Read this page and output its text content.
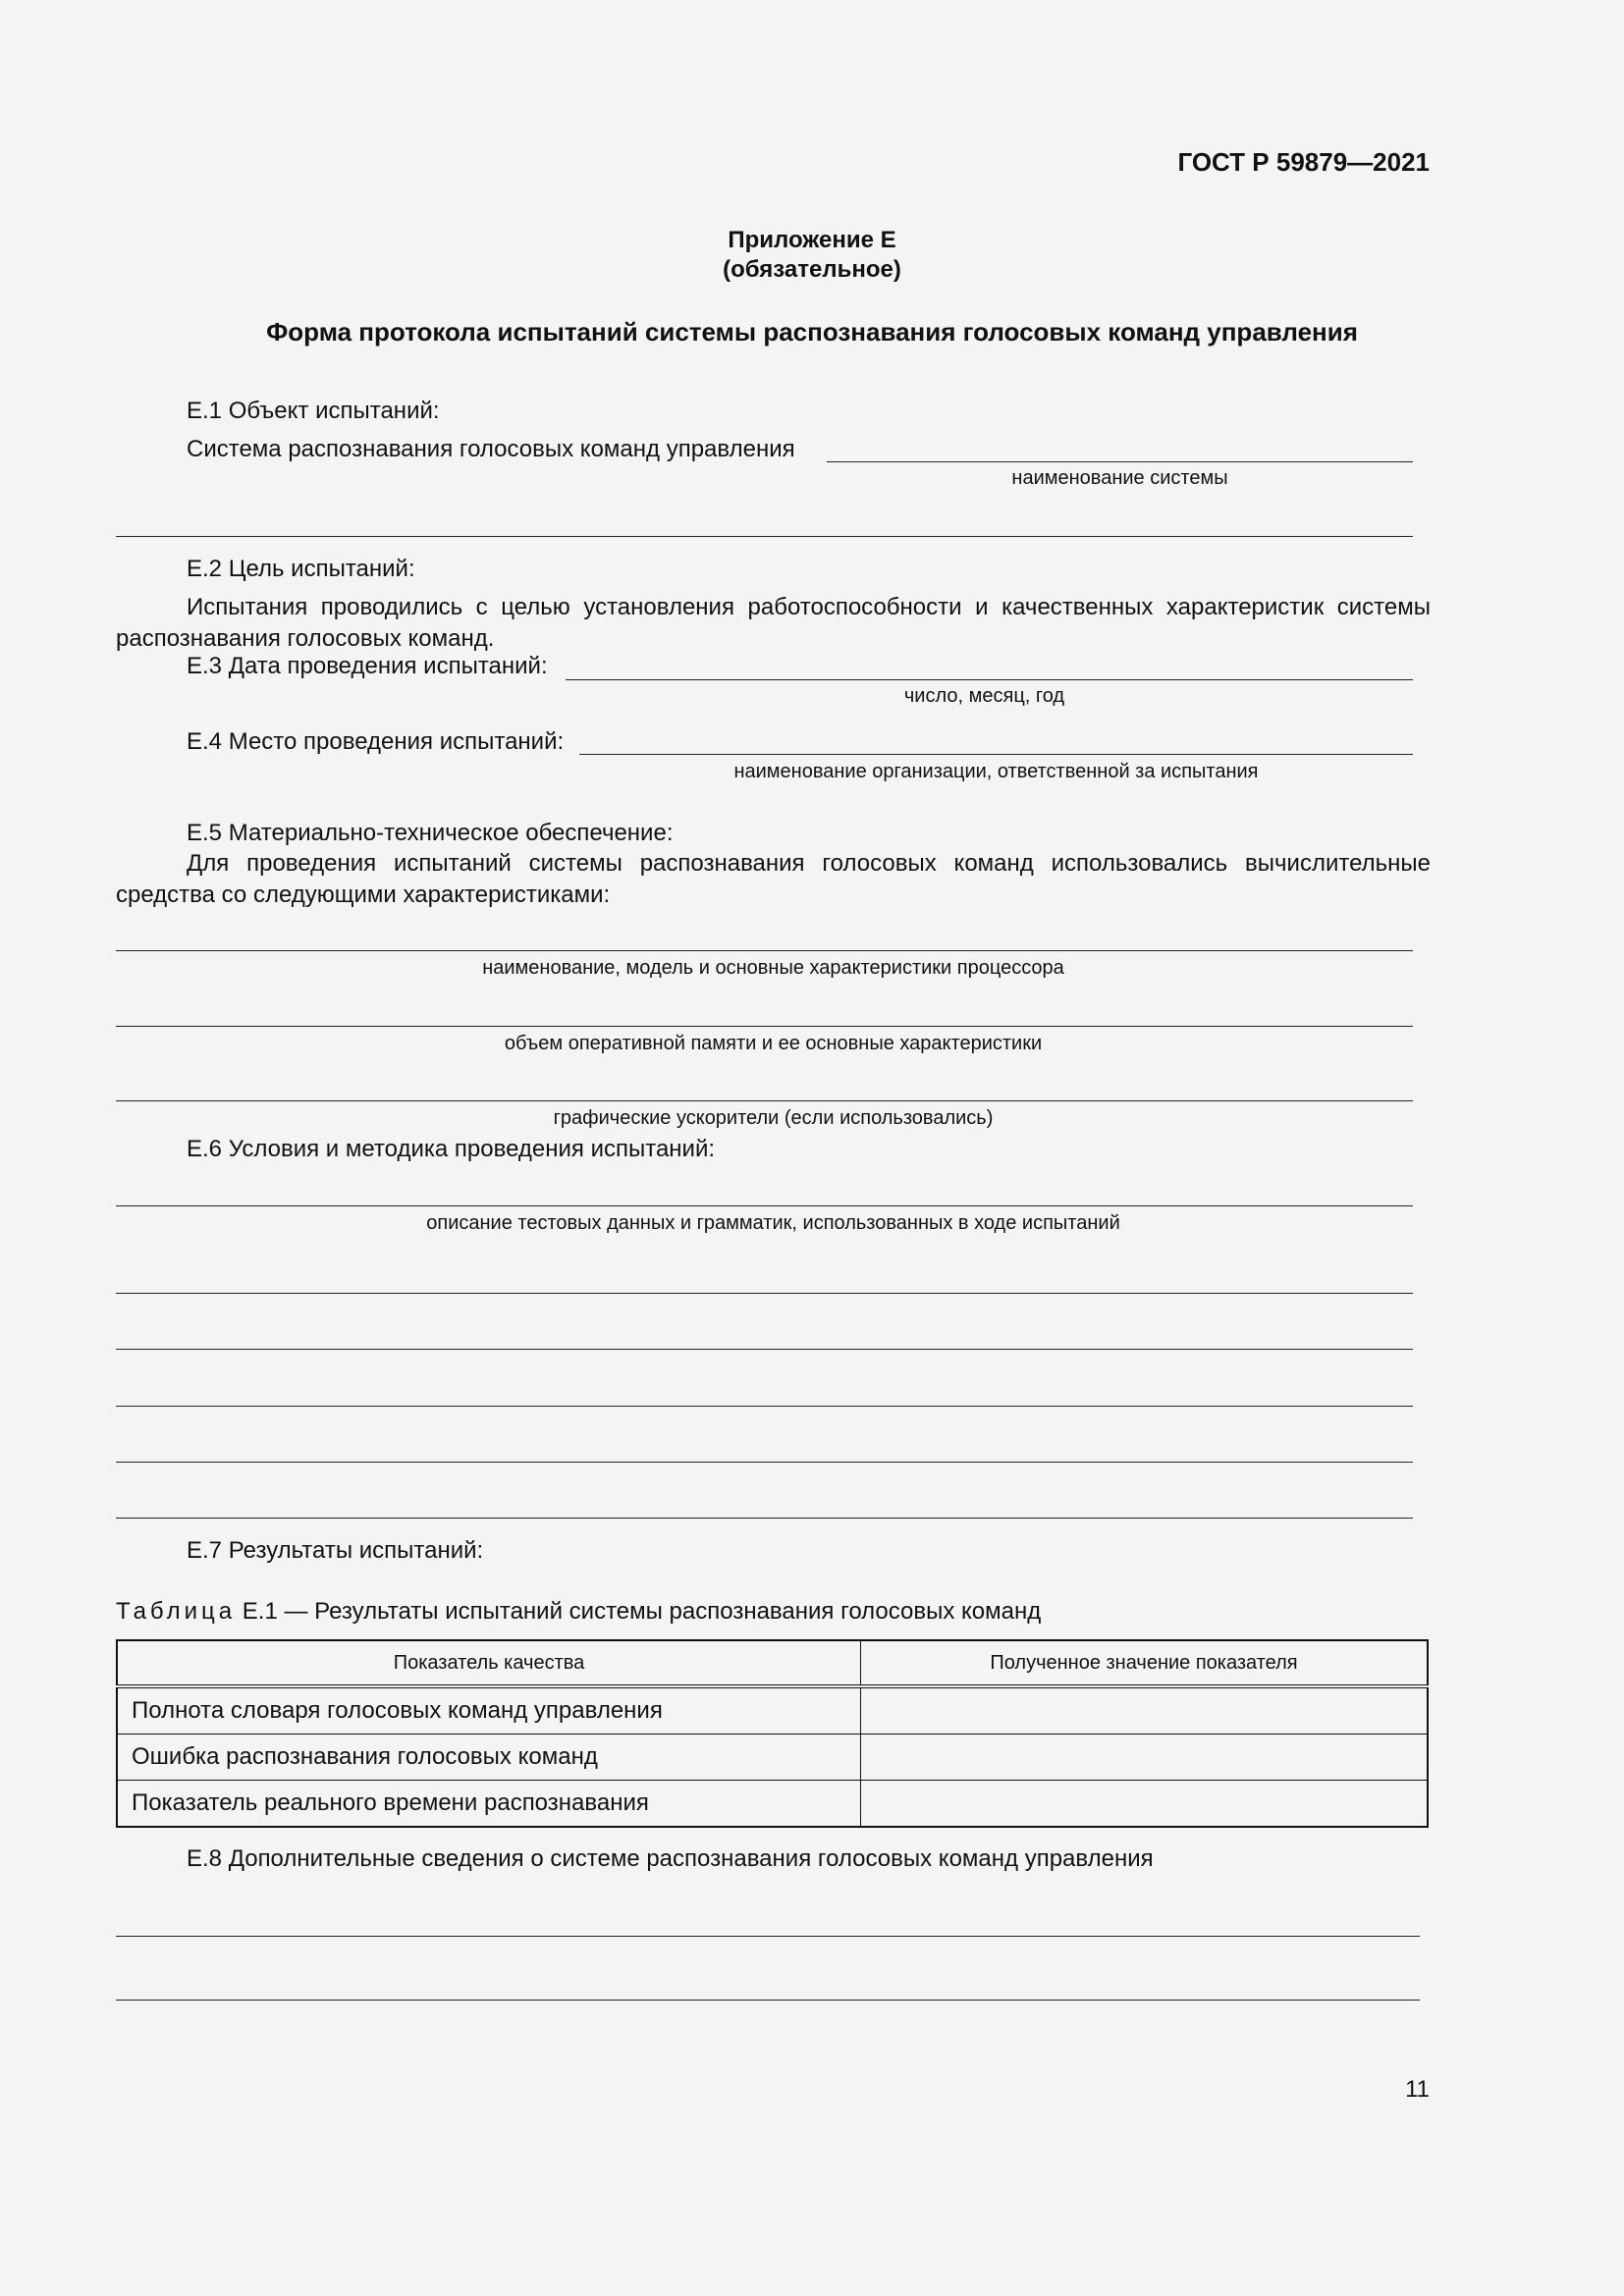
ГОСТ Р 59879—2021
Приложение Е
(обязательное)
Форма протокола испытаний системы распознавания голосовых команд управления
Е.1 Объект испытаний:
Система распознавания голосовых команд управления
наименование системы
Е.2 Цель испытаний:
Испытания проводились с целью установления работоспособности и качественных характеристик системы распознавания голосовых команд.
Е.3 Дата проведения испытаний:
число, месяц, год
Е.4 Место проведения испытаний:
наименование организации, ответственной за испытания
Е.5 Материально-техническое обеспечение:
Для проведения испытаний системы распознавания голосовых команд использовались вычислительные средства со следующими характеристиками:
наименование, модель и основные характеристики процессора
объем оперативной памяти и ее основные характеристики
графические ускорители (если использовались)
Е.6 Условия и методика проведения испытаний:
описание тестовых данных и грамматик, использованных в ходе испытаний
Е.7 Результаты испытаний:
Таблица Е.1 — Результаты испытаний системы распознавания голосовых команд
Показатель качества	Полученное значение показателя
Полнота словаря голосовых команд управления	
Ошибка распознавания голосовых команд	
Показатель реального времени распознавания	
Е.8 Дополнительные сведения о системе распознавания голосовых команд управления
11
